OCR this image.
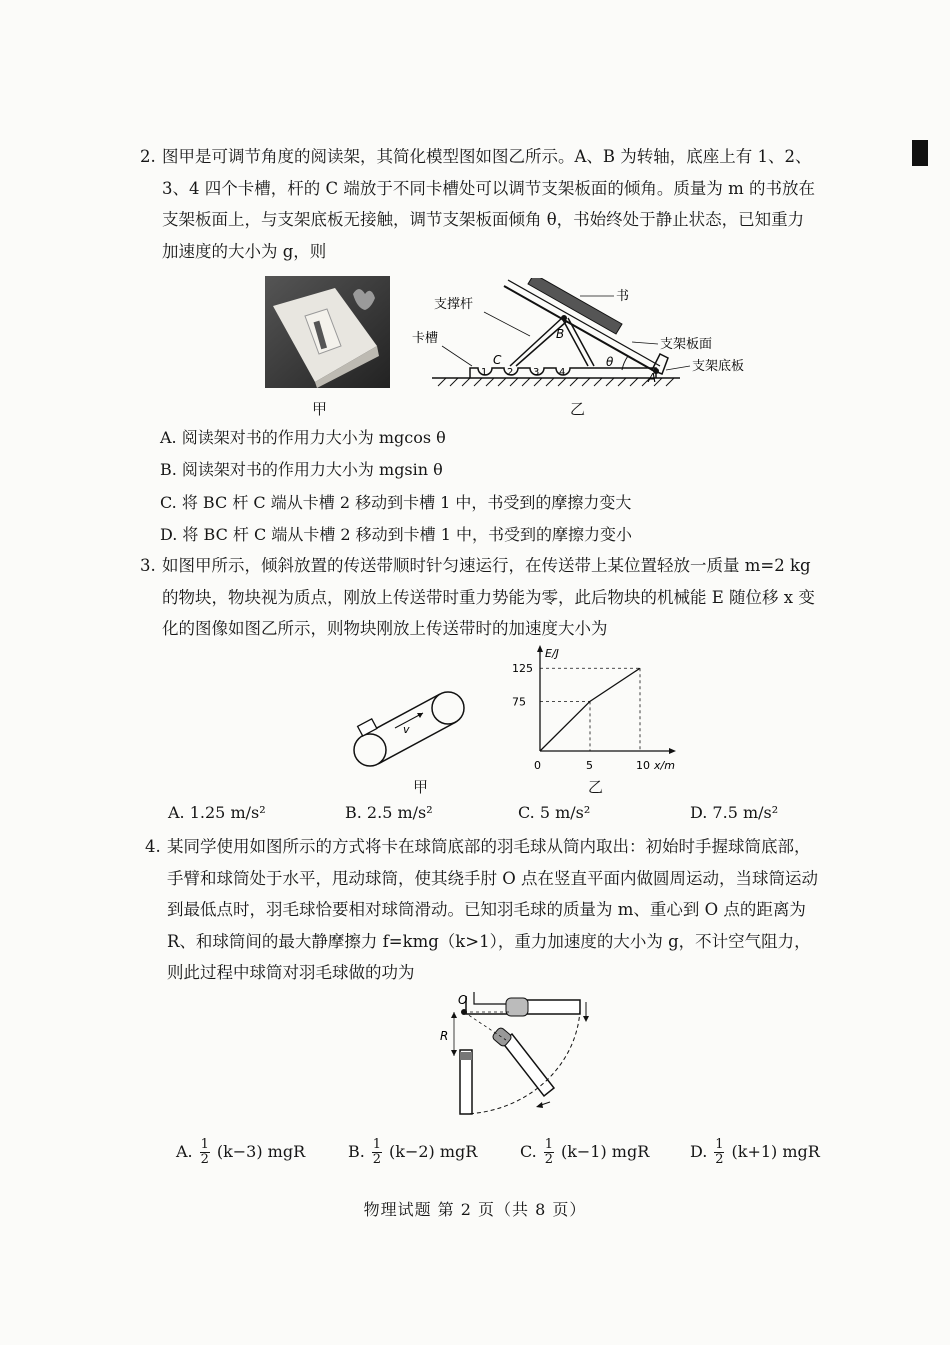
2. 图甲是可调节角度的阅读架，其简化模型图如图乙所示。A、B 为转轴，底座上有 1、2、

3、4 四个卡槽，杆的 C 端放于不同卡槽处可以调节支架板面的倾角。质量为 m 的书放在

支架板面上，与支架底板无接触，调节支架板面倾角 θ，书始终处于静止状态，已知重力

加速度的大小为 g，则

甲
1 2 3 4
支撑杆
卡槽
书
支架板面
支架底板
C
B
A
θ
乙
A. 阅读架对书的作用力大小为 mgcos θ
B. 阅读架对书的作用力大小为 mgsin θ
C. 将 BC 杆 C 端从卡槽 2 移动到卡槽 1 中，书受到的摩擦力变大
D. 将 BC 杆 C 端从卡槽 2 移动到卡槽 1 中，书受到的摩擦力变小

3. 如图甲所示，倾斜放置的传送带顺时针匀速运行，在传送带上某位置轻放一质量 m=2 kg

的物块，物块视为质点，刚放上传送带时重力势能为零，此后物块的机械能 E 随位移 x 变

化的图像如图乙所示，则物块刚放上传送带时的加速度大小为

v
甲
E/J
x/m
0	5	10
75
125
乙
A. 1.25 m/s²	B. 2.5 m/s²	C. 5 m/s²	D. 7.5 m/s²

4. 某同学使用如图所示的方式将卡在球筒底部的羽毛球从筒内取出：初始时手握球筒底部，

手臂和球筒处于水平，甩动球筒，使其绕手肘 O 点在竖直平面内做圆周运动，当球筒运动

到最低点时，羽毛球恰要相对球筒滑动。已知羽毛球的质量为 m、重心到 O 点的距离为

R、和球筒间的最大静摩擦力 f=kmg（k>1），重力加速度的大小为 g，不计空气阻力，

则此过程中球筒对羽毛球做的功为

O
R
A. $\frac{1}{2} (k-3)$ mgR	B. $\frac{1}{2} (k-2)$ mgR	C. $\frac{1}{2} (k-1)$ mgR	D. $\frac{1}{2} (k+1)$ mgR
物理试题 第 2 页（共 8 页）
